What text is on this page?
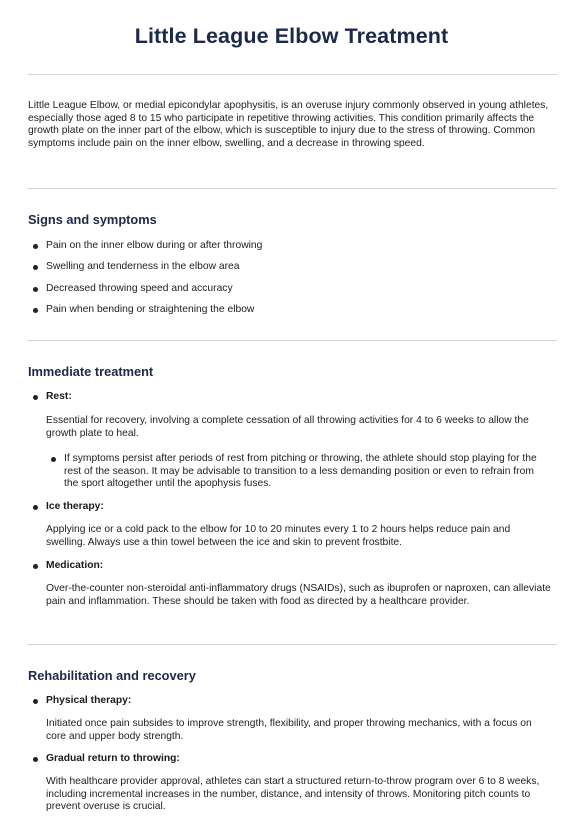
Little League Elbow Treatment
Little League Elbow, or medial epicondylar apophysitis, is an overuse injury commonly observed in young athletes, especially those aged 8 to 15 who participate in repetitive throwing activities. This condition primarily affects the growth plate on the inner part of the elbow, which is susceptible to injury due to the stress of throwing. Common symptoms include pain on the inner elbow, swelling, and a decrease in throwing speed.
Signs and symptoms
Pain on the inner elbow during or after throwing
Swelling and tenderness in the elbow area
Decreased throwing speed and accuracy
Pain when bending or straightening the elbow
Immediate treatment
Rest:
Essential for recovery, involving a complete cessation of all throwing activities for 4 to 6 weeks to allow the growth plate to heal.
If symptoms persist after periods of rest from pitching or throwing, the athlete should stop playing for the rest of the season. It may be advisable to transition to a less demanding position or even to refrain from the sport altogether until the apophysis fuses.
Ice therapy:
Applying ice or a cold pack to the elbow for 10 to 20 minutes every 1 to 2 hours helps reduce pain and swelling. Always use a thin towel between the ice and skin to prevent frostbite.
Medication:
Over-the-counter non-steroidal anti-inflammatory drugs (NSAIDs), such as ibuprofen or naproxen, can alleviate pain and inflammation. These should be taken with food as directed by a healthcare provider.
Rehabilitation and recovery
Physical therapy:
Initiated once pain subsides to improve strength, flexibility, and proper throwing mechanics, with a focus on core and upper body strength.
Gradual return to throwing:
With healthcare provider approval, athletes can start a structured return-to-throw program over 6 to 8 weeks, including incremental increases in the number, distance, and intensity of throws. Monitoring pitch counts to prevent overuse is crucial.
